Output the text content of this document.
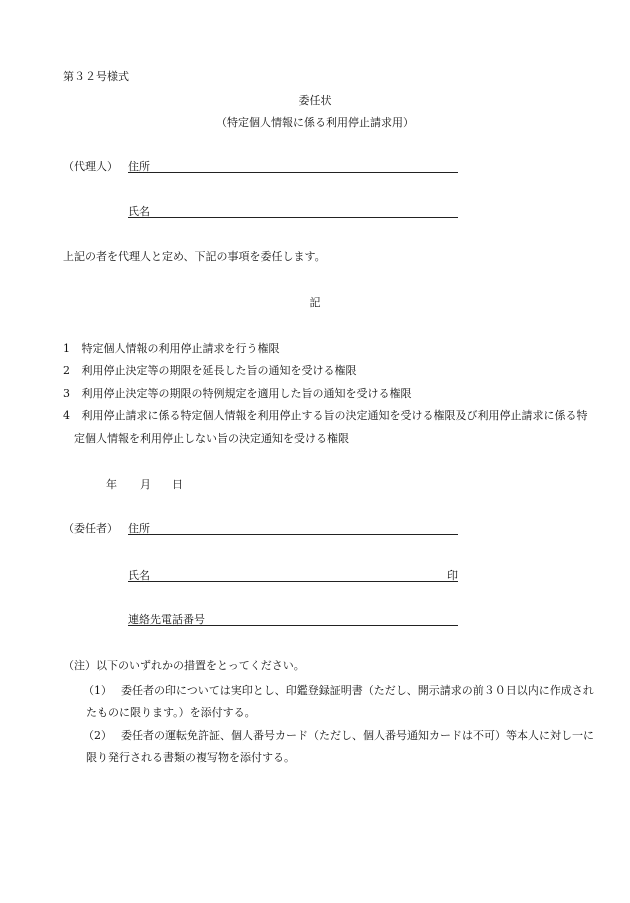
第３２号様式
委任状
（特定個人情報に係る利用停止請求用）
（代理人） 住所
氏名
上記の者を代理人と定め、下記の事項を委任します。
記
1 特定個人情報の利用停止請求を行う権限
2 利用停止決定等の期限を延長した旨の通知を受ける権限
3 利用停止決定等の期限の特例規定を適用した旨の通知を受ける権限
4 利用停止請求に係る特定個人情報を利用停止する旨の決定通知を受ける権限及び利用停止請求に係る特
定個人情報を利用停止しない旨の決定通知を受ける権限
年 月 日
（委任者） 住所
氏名	印
連絡先電話番号
（注）以下のいずれかの措置をとってください。
（1） 委任者の印については実印とし、印鑑登録証明書（ただし、開示請求の前３０日以内に作成され
たものに限ります。）を添付する。
（2） 委任者の運転免許証、個人番号カード（ただし、個人番号通知カードは不可）等本人に対し一に
限り発行される書類の複写物を添付する。
